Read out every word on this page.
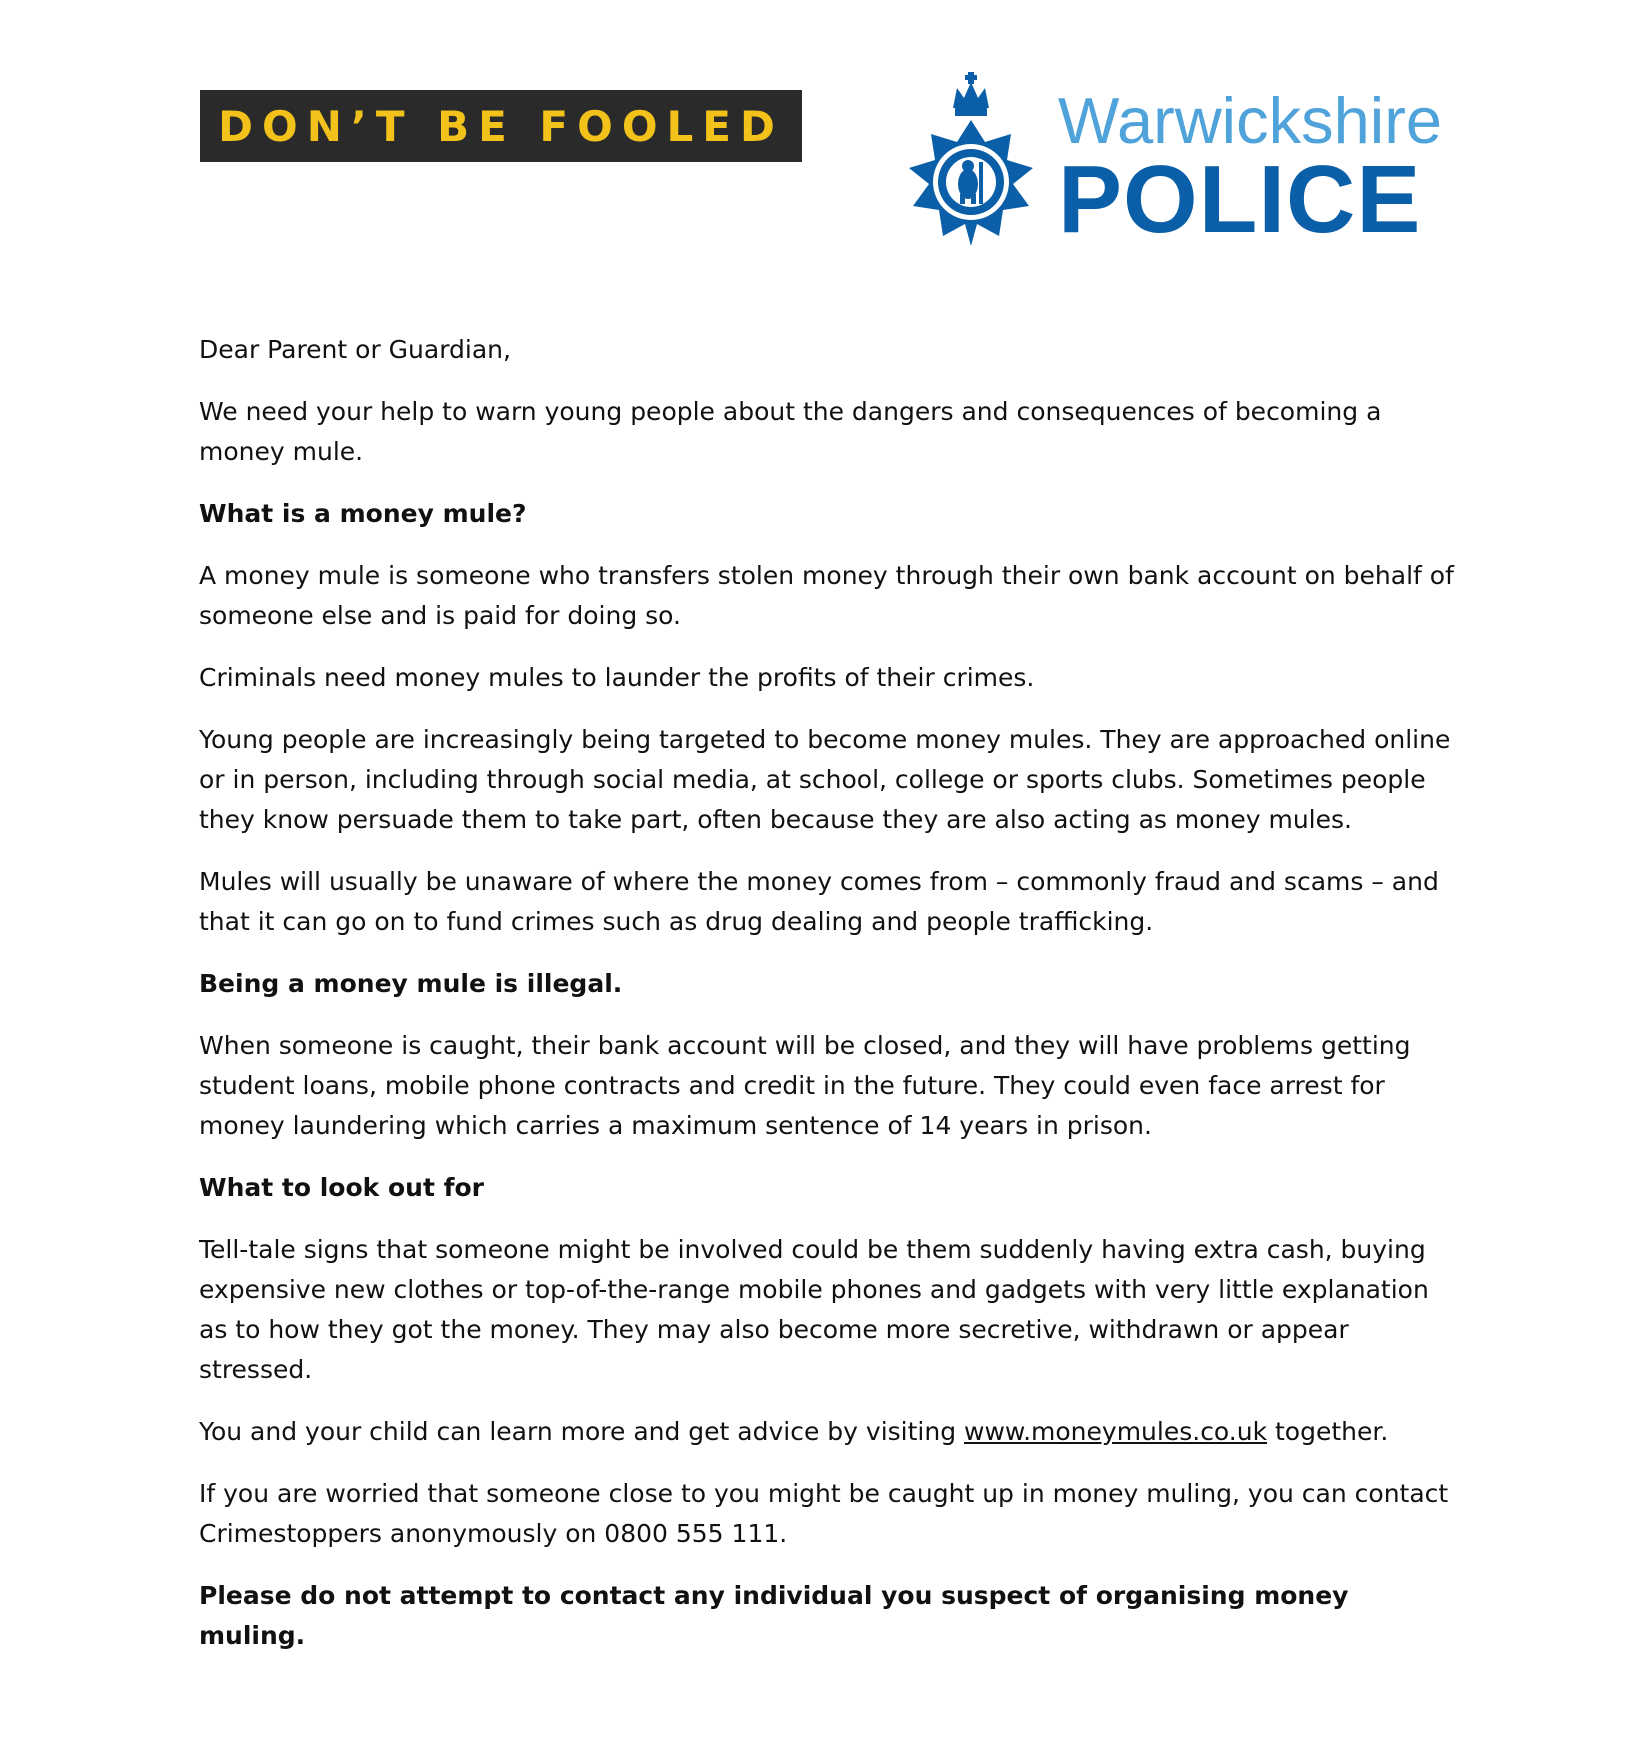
DON’T BE FOOLED	Warwickshire
POLICE

Dear Parent or Guardian,

We need your help to warn young people about the dangers and consequences of becoming a money mule.

What is a money mule?

A money mule is someone who transfers stolen money through their own bank account on behalf of someone else and is paid for doing so.

Criminals need money mules to launder the profits of their crimes.

Young people are increasingly being targeted to become money mules. They are approached online or in person, including through social media, at school, college or sports clubs. Sometimes people they know persuade them to take part, often because they are also acting as money mules.

Mules will usually be unaware of where the money comes from – commonly fraud and scams – and that it can go on to fund crimes such as drug dealing and people trafficking.

Being a money mule is illegal.

When someone is caught, their bank account will be closed, and they will have problems getting student loans, mobile phone contracts and credit in the future. They could even face arrest for money laundering which carries a maximum sentence of 14 years in prison.

What to look out for

Tell-tale signs that someone might be involved could be them suddenly having extra cash, buying expensive new clothes or top-of-the-range mobile phones and gadgets with very little explanation as to how they got the money. They may also become more secretive, withdrawn or appear stressed.

You and your child can learn more and get advice by visiting www.moneymules.co.uk together.

If you are worried that someone close to you might be caught up in money muling, you can contact Crimestoppers anonymously on 0800 555 111.

Please do not attempt to contact any individual you suspect of organising money muling.
